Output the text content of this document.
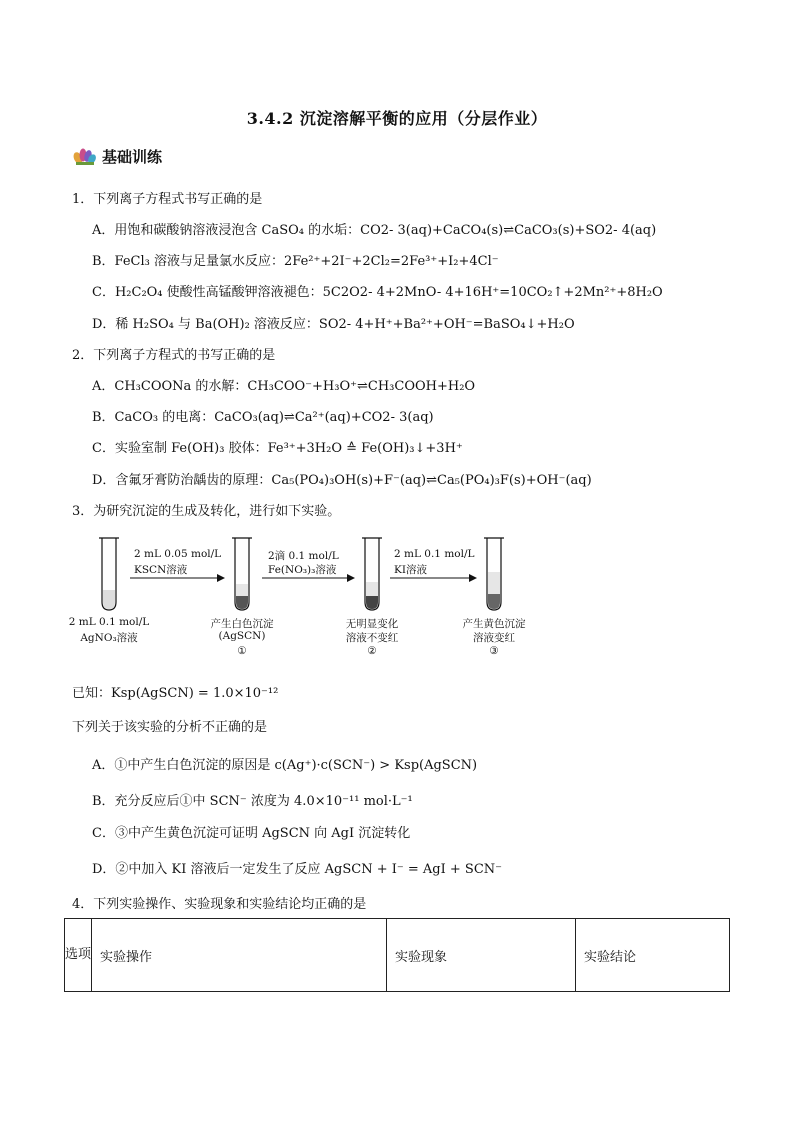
3.4.2 沉淀溶解平衡的应用（分层作业）
基础训练
1．下列离子方程式书写正确的是
A．用饱和碳酸钠溶液浸泡含 CaSO₄ 的水垢：CO2- 3(aq)+CaCO₄(s)⇌CaCO₃(s)+SO2- 4(aq)
B．FeCl₃ 溶液与足量氯水反应：2Fe²⁺+2I⁻+2Cl₂=2Fe³⁺+I₂+4Cl⁻
C．H₂C₂O₄ 使酸性高锰酸钾溶液褪色：5C2O2- 4+2MnO- 4+16H⁺=10CO₂↑+2Mn²⁺+8H₂O
D．稀 H₂SO₄ 与 Ba(OH)₂ 溶液反应：SO2- 4+H⁺+Ba²⁺+OH⁻=BaSO₄↓+H₂O
2．下列离子方程式的书写正确的是
A．CH₃COONa 的水解：CH₃COO⁻+H₃O⁺⇌CH₃COOH+H₂O
B．CaCO₃ 的电离：CaCO₃(aq)⇌Ca²⁺(aq)+CO2- 3(aq)
C．实验室制 Fe(OH)₃ 胶体：Fe³⁺+3H₂O ≙ Fe(OH)₃↓+3H⁺
D．含氟牙膏防治龋齿的原理：Ca₅(PO₄)₃OH(s)+F⁻(aq)⇌Ca₅(PO₄)₃F(s)+OH⁻(aq)
3．为研究沉淀的生成及转化，进行如下实验。
2 mL 0.05 mol/L
KSCN溶液
2滴 0.1 mol/L
Fe(NO₃)₃溶液
2 mL 0.1 mol/L
KI溶液
2 mL 0.1 mol/L
AgNO₃溶液
产生白色沉淀
(AgSCN)
①
无明显变化
溶液不变红
②
产生黄色沉淀
溶液变红
③
已知：Ksp(AgSCN) = 1.0×10⁻¹²
下列关于该实验的分析不正确的是
A．①中产生白色沉淀的原因是 c(Ag⁺)·c(SCN⁻) > Ksp(AgSCN)
B．充分反应后①中 SCN⁻ 浓度为 4.0×10⁻¹¹ mol·L⁻¹
C．③中产生黄色沉淀可证明 AgSCN 向 AgI 沉淀转化
D．②中加入 KI 溶液后一定发生了反应 AgSCN + I⁻ = AgI + SCN⁻
4．下列实验操作、实验现象和实验结论均正确的是
选项	实验操作	实验现象	实验结论
